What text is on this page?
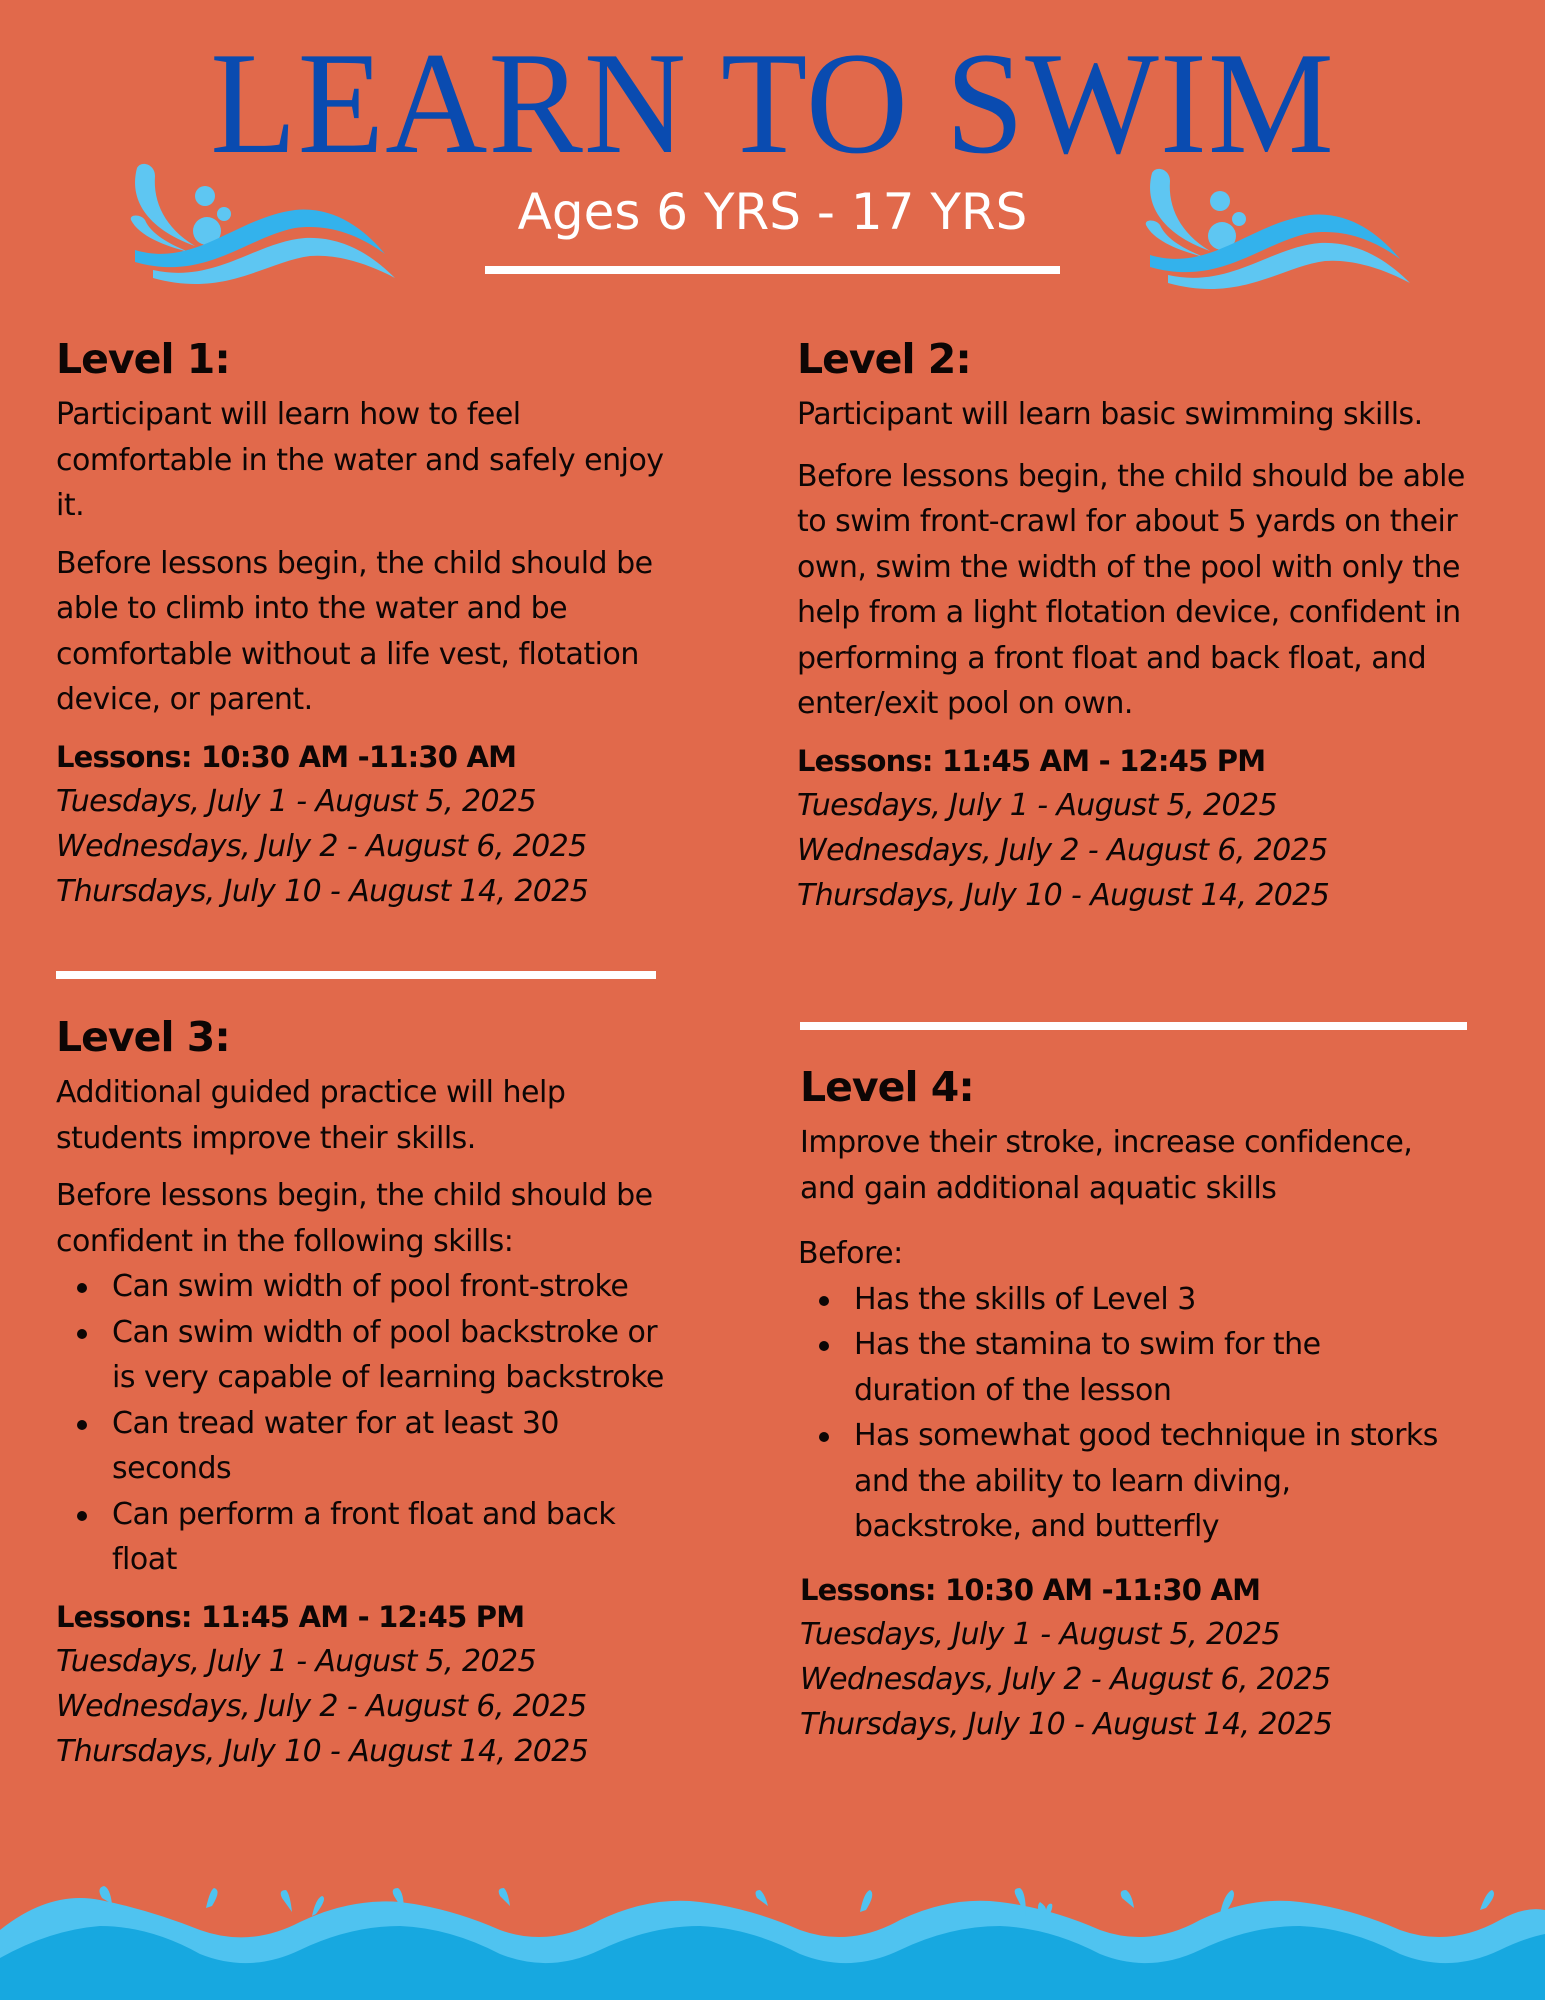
LEARN TO SWIM
Ages 6 YRS - 17 YRS
Level 1:
Participant will learn how to feel comfortable in the water and safely enjoy it.
Before lessons begin, the child should be able to climb into the water and be comfortable without a life vest, flotation device, or parent.
Lessons: 10:30 AM -11:30 AM
Tuesdays, July 1 - August 5, 2025
Wednesdays, July 2 - August 6, 2025
Thursdays, July 10 - August 14, 2025
Level 2:
Participant will learn basic swimming skills.
Before lessons begin, the child should be able to swim front-crawl for about 5 yards on their own, swim the width of the pool with only the help from a light flotation device, confident in performing a front float and back float, and enter/exit pool on own.
Lessons: 11:45 AM - 12:45 PM
Tuesdays, July 1 - August 5, 2025
Wednesdays, July 2 - August 6, 2025
Thursdays, July 10 - August 14, 2025
Level 3:
Additional guided practice will help students improve their skills.
Before lessons begin, the child should be confident in the following skills:
Can swim width of pool front-stroke
Can swim width of pool backstroke or is very capable of learning backstroke
Can tread water for at least 30 seconds
Can perform a front float and back float
Lessons: 11:45 AM - 12:45 PM
Tuesdays, July 1 - August 5, 2025
Wednesdays, July 2 - August 6, 2025
Thursdays, July 10 - August 14, 2025
Level 4:
Improve their stroke, increase confidence, and gain additional aquatic skills
Before:
Has the skills of Level 3
Has the stamina to swim for the duration of the lesson
Has somewhat good technique in storks and the ability to learn diving, backstroke, and butterfly
Lessons: 10:30 AM -11:30 AM
Tuesdays, July 1 - August 5, 2025
Wednesdays, July 2 - August 6, 2025
Thursdays, July 10 - August 14, 2025
